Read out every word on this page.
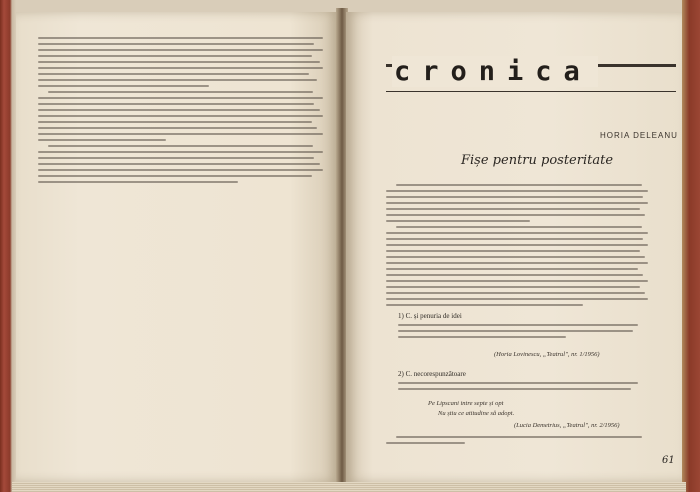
cronica
HORIA DELEANU
Fișe pentru posteritate
1) C. și penuria de idei
(Horia Lovinescu, „Teatrul", nr. 1/1956)
2) C. necorespunzătoare
Pe Lipscani intre septe și opt
Nu știu ce atitudine să adopt.
(Lucia Demetrius, „Teatrul", nr. 2/1956)
61
